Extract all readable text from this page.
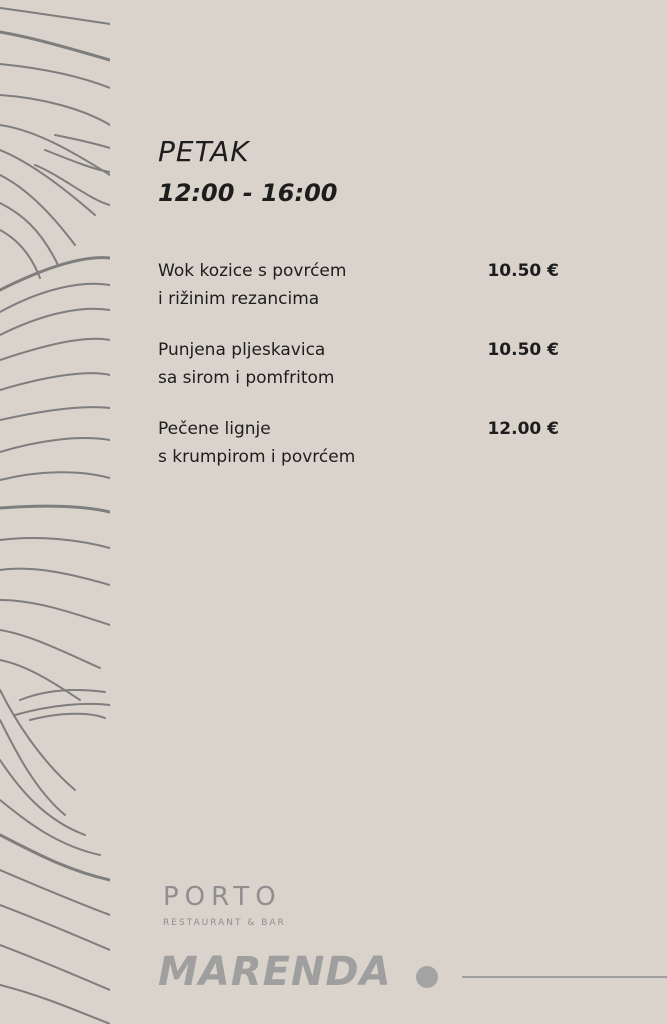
PETAK
12:00 - 16:00
Wok kozice s povrćem
i rižinim rezancima
10.50 €
Punjena pljeskavica
sa sirom i pomfritom
10.50 €
Pečene lignje
s krumpirom i povrćem
12.00 €
PORTO
RESTAURANT & BAR
MARENDA
